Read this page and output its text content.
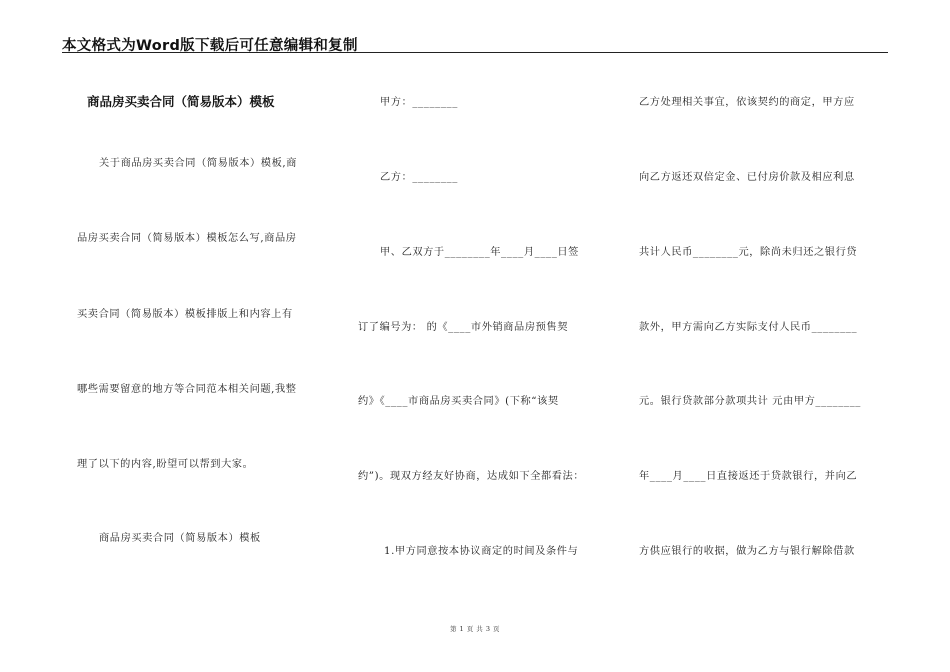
本文格式为Word版下载后可任意编辑和复制
商品房买卖合同（简易版本）模板
关于商品房买卖合同（简易版本）模板,商
品房买卖合同（简易版本）模板怎么写,商品房
买卖合同（简易版本）模板排版上和内容上有
哪些需要留意的地方等合同范本相关问题,我整
理了以下的内容,盼望可以帮到大家。
商品房买卖合同（简易版本）模板
甲方：________
乙方：________
甲、乙双方于________年____月____日签
订了编号为： 的《____市外销商品房预售契
约》《____市商品房买卖合同》(下称“该契
约”)。现双方经友好协商，达成如下全都看法：
1.甲方同意按本协议商定的时间及条件与
乙方处理相关事宜，依该契约的商定，甲方应
向乙方返还双倍定金、已付房价款及相应利息
共计人民币________元，除尚未归还之银行贷
款外，甲方需向乙方实际支付人民币________
元。银行贷款部分款项共计 元由甲方________
年____月____日直接返还于贷款银行，并向乙
方供应银行的收据，做为乙方与银行解除借款
第 1 页 共 3 页
